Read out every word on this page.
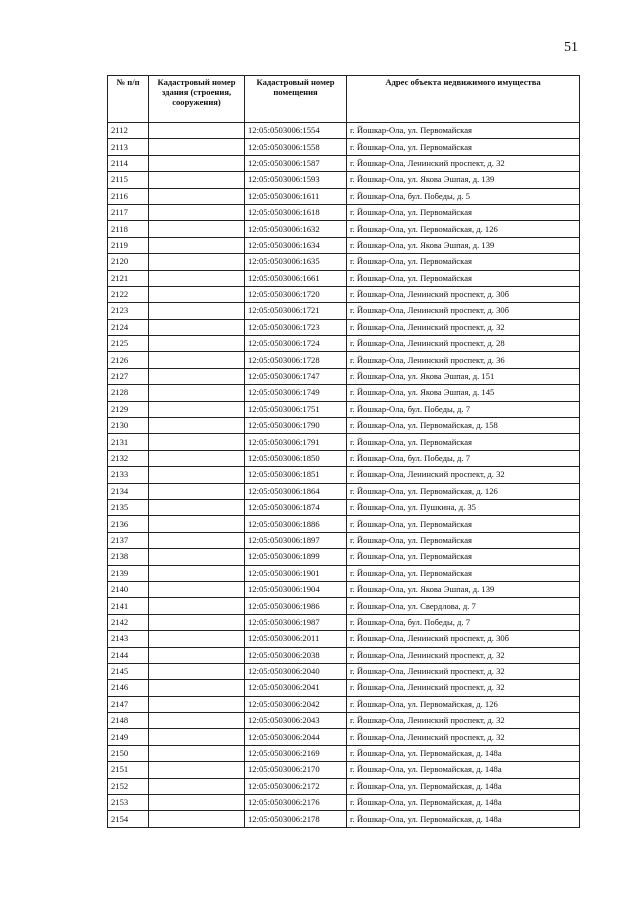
51
№ п/п	Кадастровый номер здания (строения, сооружения)	Кадастровый номер помещения	Адрес объекта недвижимого имущества
2112		12:05:0503006:1554	г. Йошкар-Ола, ул. Первомайская
2113		12:05:0503006:1558	г. Йошкар-Ола, ул. Первомайская
2114		12:05:0503006:1587	г. Йошкар-Ола, Ленинский проспект, д. 32
2115		12:05:0503006:1593	г. Йошкар-Ола, ул. Якова Эшпая, д. 139
2116		12:05:0503006:1611	г. Йошкар-Ола, бул. Победы, д. 5
2117		12:05:0503006:1618	г. Йошкар-Ола, ул. Первомайская
2118		12:05:0503006:1632	г. Йошкар-Ола, ул. Первомайская, д. 126
2119		12:05:0503006:1634	г. Йошкар-Ола, ул. Якова Эшпая, д. 139
2120		12:05:0503006:1635	г. Йошкар-Ола, ул. Первомайская
2121		12:05:0503006:1661	г. Йошкар-Ола, ул. Первомайская
2122		12:05:0503006:1720	г. Йошкар-Ола, Ленинский проспект, д. 30б
2123		12:05:0503006:1721	г. Йошкар-Ола, Ленинский проспект, д. 30б
2124		12:05:0503006:1723	г. Йошкар-Ола, Ленинский проспект, д. 32
2125		12:05:0503006:1724	г. Йошкар-Ола, Ленинский проспект, д. 28
2126		12:05:0503006:1728	г. Йошкар-Ола, Ленинский проспект, д. 36
2127		12:05:0503006:1747	г. Йошкар-Ола, ул. Якова Эшпая, д. 151
2128		12:05:0503006:1749	г. Йошкар-Ола, ул. Якова Эшпая, д. 145
2129		12:05:0503006:1751	г. Йошкар-Ола, бул. Победы, д. 7
2130		12:05:0503006:1790	г. Йошкар-Ола, ул. Первомайская, д. 158
2131		12:05:0503006:1791	г. Йошкар-Ола, ул. Первомайская
2132		12:05:0503006:1850	г. Йошкар-Ола, бул. Победы, д. 7
2133		12:05:0503006:1851	г. Йошкар-Ола, Ленинский проспект, д. 32
2134		12:05:0503006:1864	г. Йошкар-Ола, ул. Первомайская, д. 126
2135		12:05:0503006:1874	г. Йошкар-Ола, ул. Пушкина, д. 35
2136		12:05:0503006:1886	г. Йошкар-Ола, ул. Первомайская
2137		12:05:0503006:1897	г. Йошкар-Ола, ул. Первомайская
2138		12:05:0503006:1899	г. Йошкар-Ола, ул. Первомайская
2139		12:05:0503006:1901	г. Йошкар-Ола, ул. Первомайская
2140		12:05:0503006:1904	г. Йошкар-Ола, ул. Якова Эшпая, д. 139
2141		12:05:0503006:1986	г. Йошкар-Ола, ул. Свердлова, д. 7
2142		12:05:0503006:1987	г. Йошкар-Ола, бул. Победы, д. 7
2143		12:05:0503006:2011	г. Йошкар-Ола, Ленинский проспект, д. 30б
2144		12:05:0503006:2038	г. Йошкар-Ола, Ленинский проспект, д. 32
2145		12:05:0503006:2040	г. Йошкар-Ола, Ленинский проспект, д. 32
2146		12:05:0503006:2041	г. Йошкар-Ола, Ленинский проспект, д. 32
2147		12:05:0503006:2042	г. Йошкар-Ола, ул. Первомайская, д. 126
2148		12:05:0503006:2043	г. Йошкар-Ола, Ленинский проспект, д. 32
2149		12:05:0503006:2044	г. Йошкар-Ола, Ленинский проспект, д. 32
2150		12:05:0503006:2169	г. Йошкар-Ола, ул. Первомайская, д. 148а
2151		12:05:0503006:2170	г. Йошкар-Ола, ул. Первомайская, д. 148а
2152		12:05:0503006:2172	г. Йошкар-Ола, ул. Первомайская, д. 148а
2153		12:05:0503006:2176	г. Йошкар-Ола, ул. Первомайская, д. 148а
2154		12:05:0503006:2178	г. Йошкар-Ола, ул. Первомайская, д. 148а
